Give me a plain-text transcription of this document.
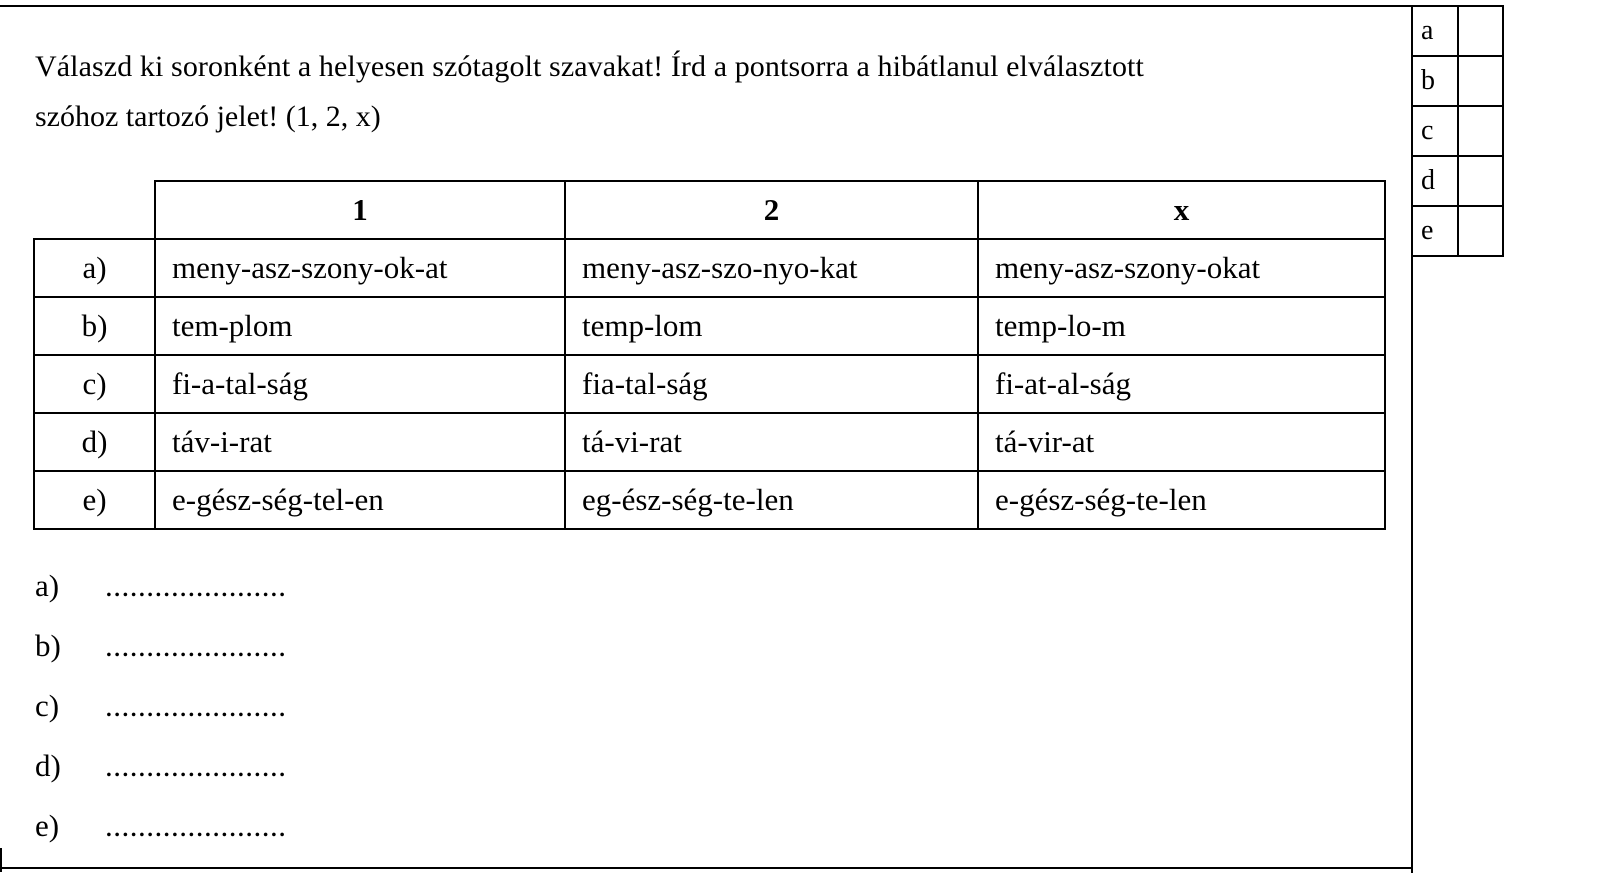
Válaszd ki soronként a helyesen szótagolt szavakat! Írd a pontsorra a hibátlanul elválasztott
szóhoz tartozó jelet! (1, 2, x)
	1	2	x
a)	meny-asz-szony-ok-at	meny-asz-szo-nyo-kat	meny-asz-szony-okat
b)	tem-plom	temp-lom	temp-lo-m
c)	fi-a-tal-ság	fia-tal-ság	fi-at-al-ság
d)	táv-i-rat	tá-vi-rat	tá-vir-at
e)	e-gész-ség-tel-en	eg-ész-ség-te-len	e-gész-ség-te-len
a) ......................
b) ......................
c) ......................
d) ......................
e) ......................
a	
b	
c	
d	
e	
